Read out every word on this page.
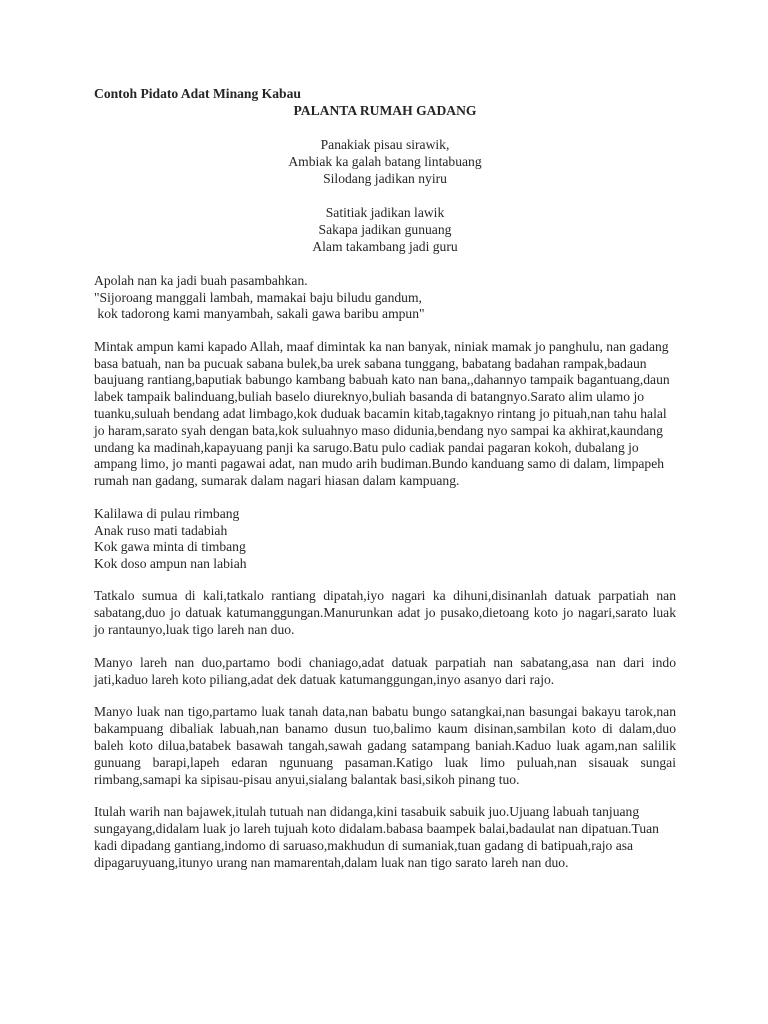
Contoh Pidato Adat Minang Kabau

PALANTA RUMAH GADANG

Panakiak pisau sirawik,
Ambiak ka galah batang lintabuang
Silodang jadikan nyiru
Satitiak jadikan lawik
Sakapa jadikan gunuang
Alam takambang jadi guru
Apolah nan ka jadi buah pasambahkan.
"Sijoroang manggali lambah, mamakai baju biludu gandum,
kok tadorong kami manyambah, sakali gawa baribu ampun"

Mintak ampun kami kapado Allah, maaf dimintak ka nan banyak, niniak mamak jo panghulu, nan gadang basa batuah, nan ba pucuak sabana bulek,ba urek sabana tunggang, babatang badahan rampak,badaun baujuang rantiang,baputiak babungo kambang babuah kato nan bana,,dahannyo tampaik bagantuang,daun labek tampaik balinduang,buliah baselo diureknyo,buliah basanda di batangnyo.Sarato alim ulamo jo tuanku,suluah bendang adat limbago,kok duduak bacamin kitab,tagaknyo rintang jo pituah,nan tahu halal jo haram,sarato syah dengan bata,kok suluahnyo maso didunia,bendang nyo sampai ka akhirat,kaundang undang ka madinah,kapayuang panji ka sarugo.Batu pulo cadiak pandai pagaran kokoh, dubalang jo ampang limo, jo manti pagawai adat, nan mudo arih budiman.Bundo kanduang samo di dalam, limpapeh rumah nan gadang, sumarak dalam nagari hiasan dalam kampuang.

Kalilawa di pulau rimbang
Anak ruso mati tadabiah
Kok gawa minta di timbang
Kok doso ampun nan labiah

Tatkalo sumua di kali,tatkalo rantiang dipatah,iyo nagari ka dihuni,disinanlah datuak parpatiah nan sabatang,duo jo datuak katumanggungan.Manurunkan adat jo pusako,dietoang koto jo nagari,sarato luak jo rantaunyo,luak tigo lareh nan duo.

Manyo lareh nan duo,partamo bodi chaniago,adat datuak parpatiah nan sabatang,asa nan dari indo jati,kaduo lareh koto piliang,adat dek datuak katumanggungan,inyo asanyo dari rajo.

Manyo luak nan tigo,partamo luak tanah data,nan babatu bungo satangkai,nan basungai bakayu tarok,nan bakampuang dibaliak labuah,nan banamo dusun tuo,balimo kaum disinan,sambilan koto di dalam,duo baleh koto dilua,batabek basawah tangah,sawah gadang satampang baniah.Kaduo luak agam,nan salilik gunuang barapi,lapeh edaran ngunuang pasaman.Katigo luak limo puluah,nan sisauak sungai rimbang,samapi ka sipisau-pisau anyui,sialang balantak basi,sikoh pinang tuo.

Itulah warih nan bajawek,itulah tutuah nan didanga,kini tasabuik sabuik juo.Ujuang labuah tanjuang sungayang,didalam luak jo lareh tujuah koto didalam.babasa baampek balai,badaulat nan dipatuan.Tuan kadi dipadang gantiang,indomo di saruaso,makhudun di sumaniak,tuan gadang di batipuah,rajo asa dipagaruyuang,itunyo urang nan mamarentah,dalam luak nan tigo sarato lareh nan duo.
